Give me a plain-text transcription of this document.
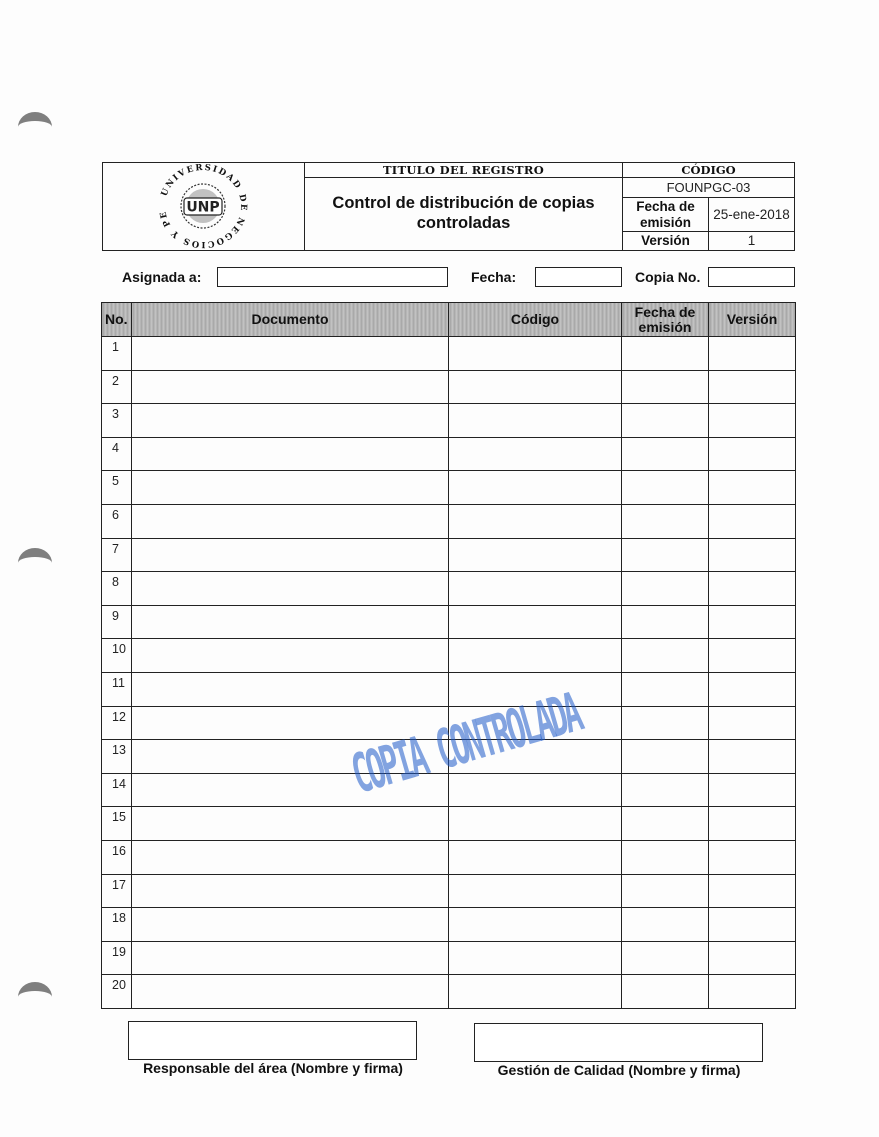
UNIVERSIDAD DE NEGOCIOS Y PE	UNP
TITULO DEL REGISTRO
Control de distribución de copias controladas
CÓDIGO
FOUNPGC-03
Fecha de emisión
25-ene-2018
Versión	1
Asignada a:	Fecha:	Copia No.
No.	Documento	Código	Fecha de emisión	Versión
1				
2				
3				
4				
5				
6				
7				
8				
9				
10				
11				
12				
13				
14				
15				
16				
17				
18				
19				
20				
COPIA CONTROLADA
Responsable del área (Nombre y firma)	Gestión de Calidad (Nombre y firma)
